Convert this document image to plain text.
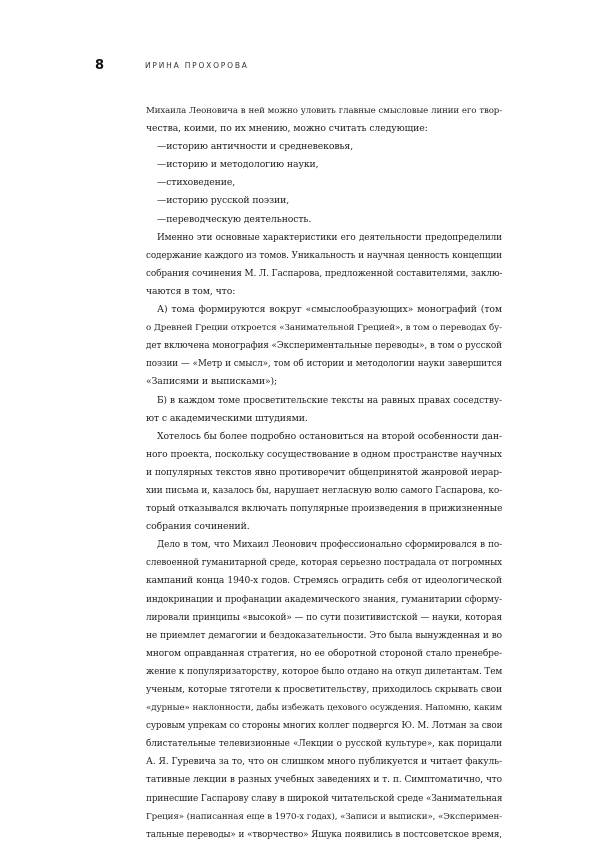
8	ИРИНА ПРОХОРОВА
Михаила Леоновича в ней можно уловить главные смысловые линии его твор-
чества, коими, по их мнению, можно считать следующие:
—историю античности и средневековья,
—историю и методологию науки,
—стиховедение,
—историю русской поэзии,
—переводческую деятельность.
Именно эти основные характеристики его деятельности предопределили
содержание каждого из томов. Уникальность и научная ценность концепции
собрания сочинения М. Л. Гаспарова, предложенной составителями, заклю-
чаются в том, что:
А) тома формируются вокруг «смыслообразующих» монографий (том
о Древней Греции откроется «Занимательной Грецией», в том о переводах бу-
дет включена монография «Экспериментальные переводы», в том о русской
поэзии — «Метр и смысл», том об истории и методологии науки завершится
«Записями и выписками»);
Б) в каждом томе просветительские тексты на равных правах соседству-
ют с академическими штудиями.
Хотелось бы более подробно остановиться на второй особенности дан-
ного проекта, поскольку сосуществование в одном пространстве научных
и популярных текстов явно противоречит общепринятой жанровой иерар-
хии письма и, казалось бы, нарушает негласную волю самого Гаспарова, ко-
торый отказывался включать популярные произведения в прижизненные
собрания сочинений.
Дело в том, что Михаил Леонович профессионально сформировался в по-
слевоенной гуманитарной среде, которая серьезно пострадала от погромных
кампаний конца 1940-х годов. Стремясь оградить себя от идеологической
индокринации и профанации академического знания, гуманитарии сформу-
лировали принципы «высокой» — по сути позитивистской — науки, которая
не приемлет демагогии и бездоказательности. Это была вынужденная и во
многом оправданная стратегия, но ее оборотной стороной стало пренебре-
жение к популяризаторству, которое было отдано на откуп дилетантам. Тем
ученым, которые тяготели к просветительству, приходилось скрывать свои
«дурные» наклонности, дабы избежать цехового осуждения. Напомню, каким
суровым упрекам со стороны многих коллег подвергся Ю. М. Лотман за свои
блистательные телевизионные «Лекции о русской культуре», как порицали
А. Я. Гуревича за то, что он слишком много публикуется и читает факуль-
тативные лекции в разных учебных заведениях и т. п. Симптоматично, что
принесшие Гаспарову славу в широкой читательской среде «Занимательная
Греция» (написанная еще в 1970-х годах), «Записи и выписки», «Эксперимен-
тальные переводы» и «творчество» Яшука появились в постсоветское время,
